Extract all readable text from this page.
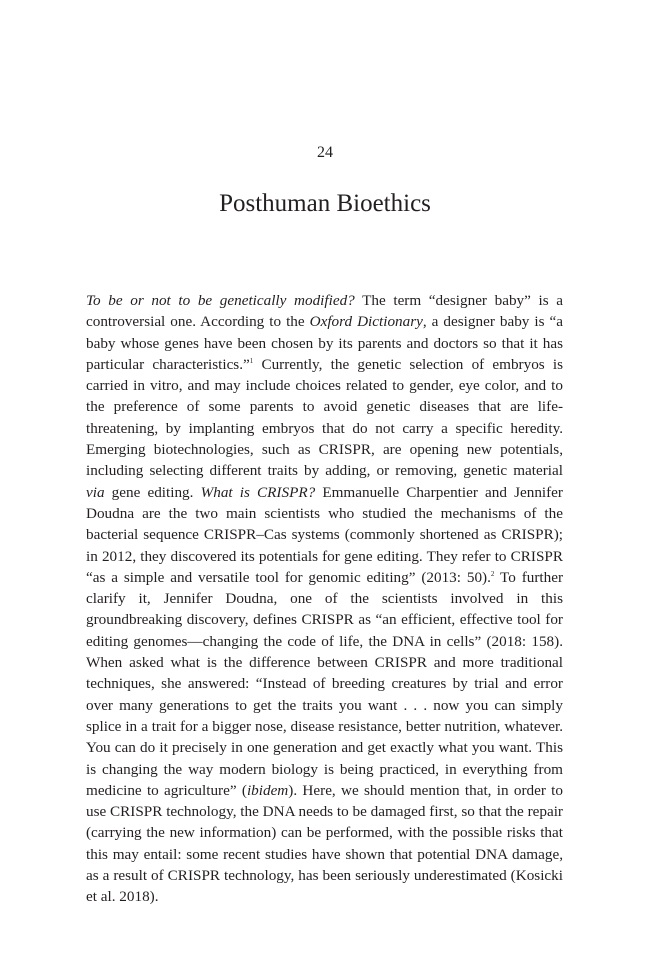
24
Posthuman Bioethics

To be or not to be genetically modified? The term “designer baby” is a controversial one. According to the Oxford Dictionary, a designer baby is “a baby whose genes have been chosen by its parents and doctors so that it has particular characteristics.”$^1$ Currently, the genetic selection of embryos is carried in vitro, and may include choices related to gender, eye color, and to the preference of some parents to avoid genetic diseases that are life-threatening, by implanting embryos that do not carry a specific heredity. Emerging biotechnologies, such as CRISPR, are opening new potentials, including selecting different traits by adding, or removing, genetic material via gene editing. What is CRISPR? Emmanuelle Charpentier and Jennifer Doudna are the two main scientists who studied the mechanisms of the bacterial sequence CRISPR–Cas systems (commonly shortened as CRISPR); in 2012, they discovered its potentials for gene editing. They refer to CRISPR “as a simple and versatile tool for genomic editing” (2013: 50).$^2$ To further clarify it, Jennifer Doudna, one of the scientists involved in this groundbreaking discovery, defines CRISPR as “an efficient, effective tool for editing genomes—changing the code of life, the DNA in cells” (2018: 158). When asked what is the difference between CRISPR and more traditional techniques, she answered: “Instead of breeding creatures by trial and error over many generations to get the traits you want . . . now you can simply splice in a trait for a bigger nose, disease resistance, better nutrition, whatever. You can do it precisely in one generation and get exactly what you want. This is changing the way modern biology is being practiced, in everything from medicine to agriculture” (ibidem). Here, we should mention that, in order to use CRISPR technology, the DNA needs to be damaged first, so that the repair (carrying the new information) can be performed, with the possible risks that this may entail: some recent studies have shown that potential DNA damage, as a result of CRISPR technology, has been seriously underestimated (Kosicki et al. 2018).
